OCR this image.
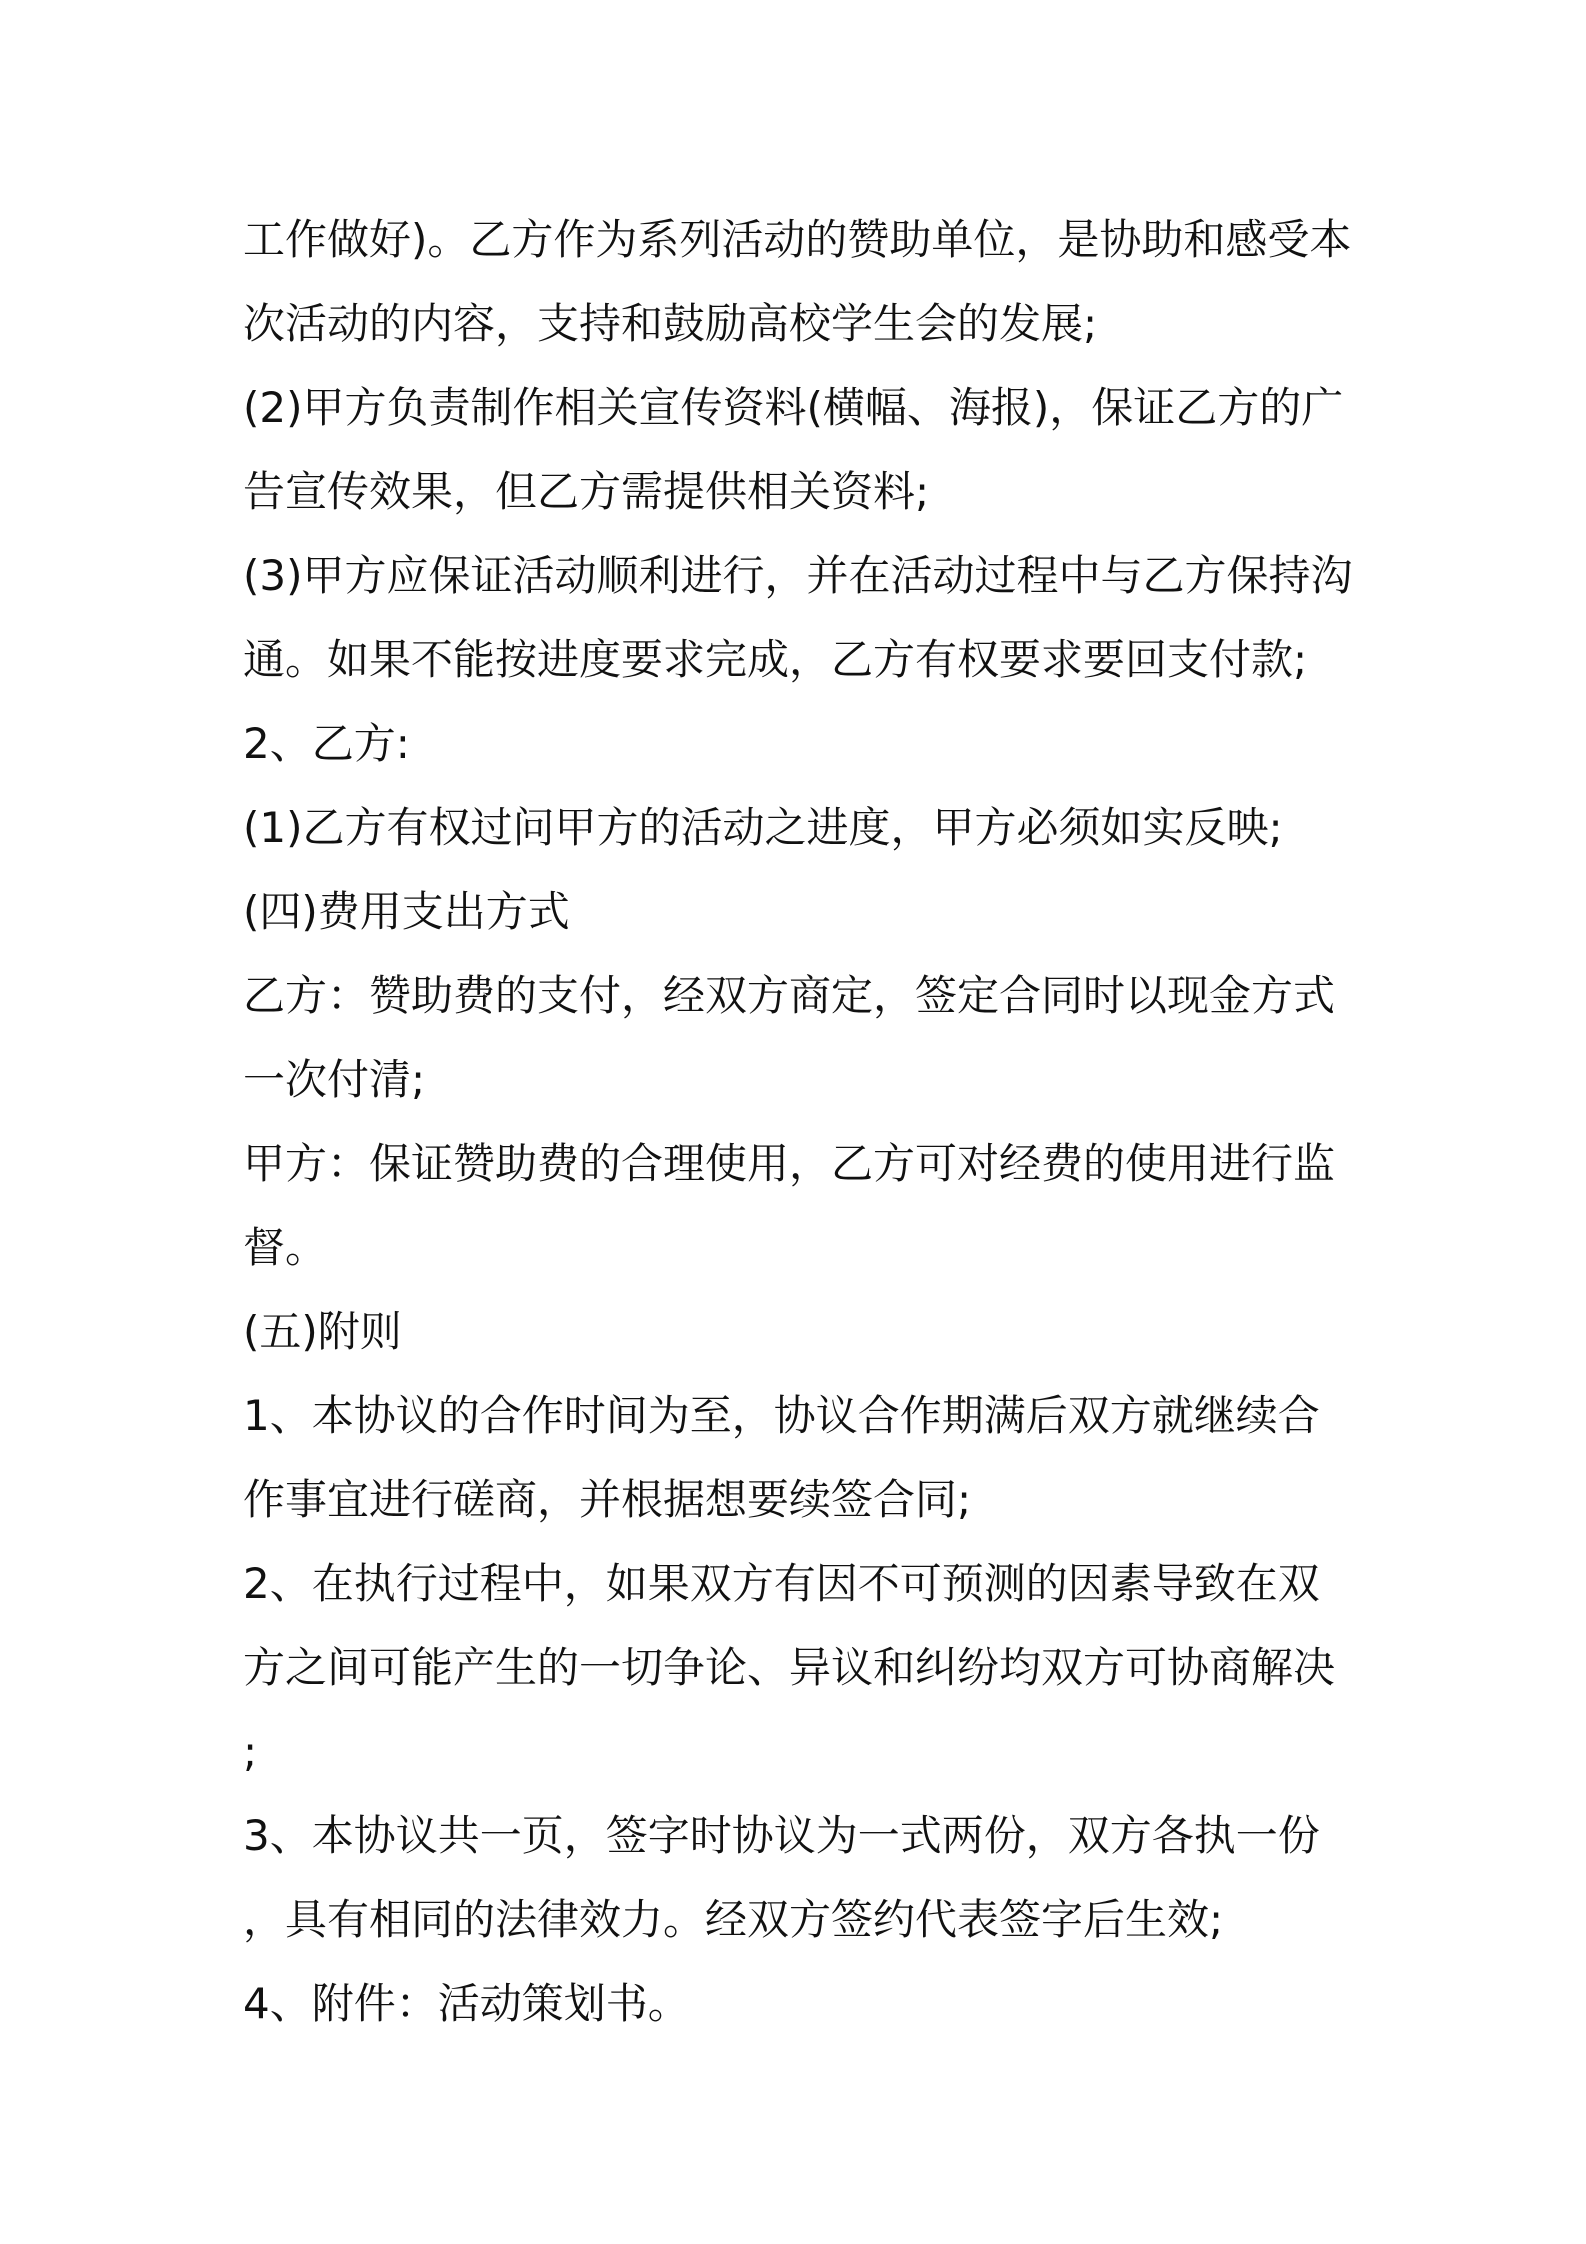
工作做好)。乙方作为系列活动的赞助单位，是协助和感受本
次活动的内容，支持和鼓励高校学生会的发展;
(2)甲方负责制作相关宣传资料(横幅、海报)，保证乙方的广
告宣传效果，但乙方需提供相关资料;
(3)甲方应保证活动顺利进行，并在活动过程中与乙方保持沟
通。如果不能按进度要求完成，乙方有权要求要回支付款;
2、乙方:
(1)乙方有权过问甲方的活动之进度，甲方必须如实反映;
(四)费用支出方式
乙方：赞助费的支付，经双方商定，签定合同时以现金方式
一次付清;
甲方：保证赞助费的合理使用，乙方可对经费的使用进行监
督。
(五)附则
1、本协议的合作时间为至，协议合作期满后双方就继续合
作事宜进行磋商，并根据想要续签合同;
2、在执行过程中，如果双方有因不可预测的因素导致在双
方之间可能产生的一切争论、异议和纠纷均双方可协商解决
;
3、本协议共一页，签字时协议为一式两份，双方各执一份
，具有相同的法律效力。经双方签约代表签字后生效;
4、附件：活动策划书。
